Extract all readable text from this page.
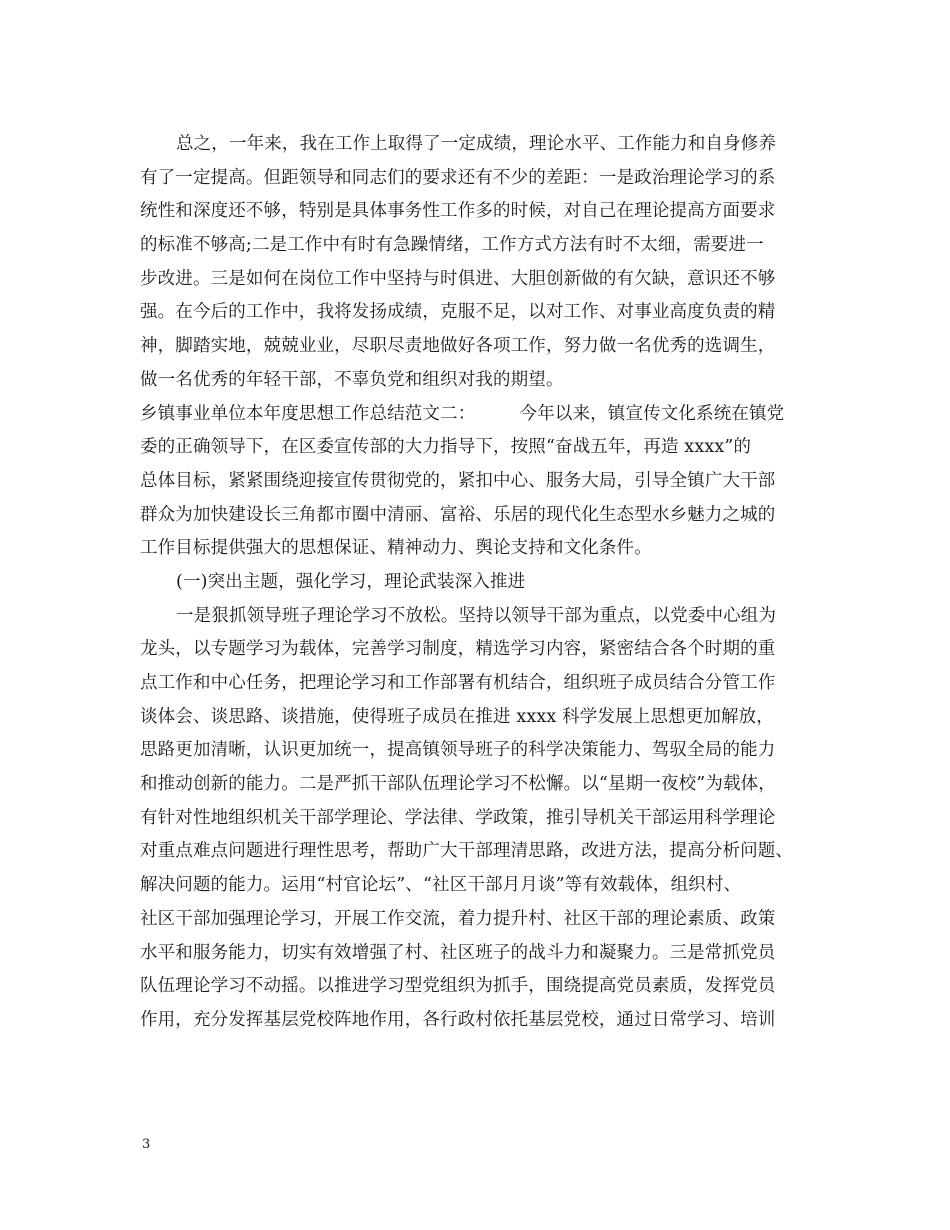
总之，一年来，我在工作上取得了一定成绩，理论水平、工作能力和自身修养
有了一定提高。但距领导和同志们的要求还有不少的差距：一是政治理论学习的系
统性和深度还不够，特别是具体事务性工作多的时候，对自己在理论提高方面要求
的标准不够高;二是工作中有时有急躁情绪，工作方式方法有时不太细，需要进一
步改进。三是如何在岗位工作中坚持与时俱进、大胆创新做的有欠缺，意识还不够
强。在今后的工作中，我将发扬成绩，克服不足，以对工作、对事业高度负责的精
神，脚踏实地，兢兢业业，尽职尽责地做好各项工作，努力做一名优秀的选调生，
做一名优秀的年轻干部，不辜负党和组织对我的期望。
乡镇事业单位本年度思想工作总结范文二：　　　今年以来，镇宣传文化系统在镇党
委的正确领导下，在区委宣传部的大力指导下，按照“奋战五年，再造 xxxx”的
总体目标，紧紧围绕迎接宣传贯彻党的，紧扣中心、服务大局，引导全镇广大干部
群众为加快建设长三角都市圈中清丽、富裕、乐居的现代化生态型水乡魅力之城的
工作目标提供强大的思想保证、精神动力、舆论支持和文化条件。
(一)突出主题，强化学习，理论武装深入推进
一是狠抓领导班子理论学习不放松。坚持以领导干部为重点，以党委中心组为
龙头，以专题学习为载体，完善学习制度，精选学习内容，紧密结合各个时期的重
点工作和中心任务，把理论学习和工作部署有机结合，组织班子成员结合分管工作
谈体会、谈思路、谈措施，使得班子成员在推进 xxxx 科学发展上思想更加解放，
思路更加清晰，认识更加统一，提高镇领导班子的科学决策能力、驾驭全局的能力
和推动创新的能力。二是严抓干部队伍理论学习不松懈。以“星期一夜校”为载体，
有针对性地组织机关干部学理论、学法律、学政策，推引导机关干部运用科学理论
对重点难点问题进行理性思考，帮助广大干部理清思路，改进方法，提高分析问题、
解决问题的能力。运用“村官论坛”、“社区干部月月谈”等有效载体，组织村、
社区干部加强理论学习，开展工作交流，着力提升村、社区干部的理论素质、政策
水平和服务能力，切实有效增强了村、社区班子的战斗力和凝聚力。三是常抓党员
队伍理论学习不动摇。以推进学习型党组织为抓手，围绕提高党员素质，发挥党员
作用，充分发挥基层党校阵地作用，各行政村依托基层党校，通过日常学习、培训
3
